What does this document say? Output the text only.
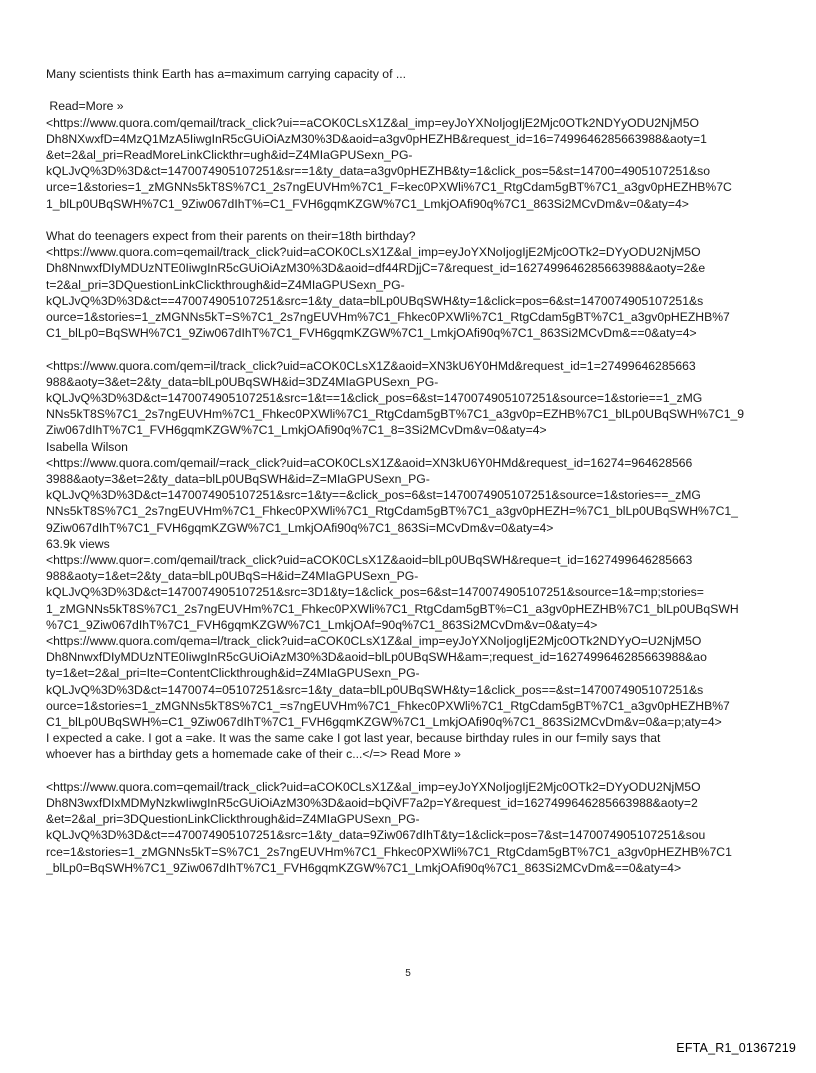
Many scientists think Earth has a=maximum carrying capacity of ...
Read=More »
<https://www.quora.com/qemail/track_click?ui==aCOK0CLsX1Z&al_imp=eyJoYXNoIjogIjE2Mjc0OTk2NDYyODU2NjM5O
Dh8NXwxfD=4MzQ1MzA5IiwgInR5cGUiOiAzM30%3D&aoid=a3gv0pHEZHB&request_id=16=7499646285663988&aoty=1
&et=2&al_pri=ReadMoreLinkClickthr=ugh&id=Z4MIaGPUSexn_PG-
kQLJvQ%3D%3D&ct=1470074905107251&sr==1&ty_data=a3gv0pHEZHB&ty=1&click_pos=5&st=14700=4905107251&so
urce=1&stories=1_zMGNNs5kT8S%7C1_2s7ngEUVHm%7C1_F=kec0PXWli%7C1_RtgCdam5gBT%7C1_a3gv0pHEZHB%7C
1_blLp0UBqSWH%7C1_9Ziw067dIhT%=C1_FVH6gqmKZGW%7C1_LmkjOAfi90q%7C1_863Si2MCvDm&v=0&aty=4>
What do teenagers expect from their parents on their=18th birthday?
<https://www.quora.com=qemail/track_click?uid=aCOK0CLsX1Z&al_imp=eyJoYXNoIjogIjE2Mjc0OTk2=DYyODU2NjM5O
Dh8NnwxfDIyMDUzNTE0IiwgInR5cGUiOiAzM30%3D&aoid=df44RDjjC=7&request_id=1627499646285663988&aoty=2&e
t=2&al_pri=3DQuestionLinkClickthrough&id=Z4MIaGPUSexn_PG-
kQLJvQ%3D%3D&ct==470074905107251&src=1&ty_data=blLp0UBqSWH&ty=1&click=pos=6&st=1470074905107251&s
ource=1&stories=1_zMGNNs5kT=S%7C1_2s7ngEUVHm%7C1_Fhkec0PXWli%7C1_RtgCdam5gBT%7C1_a3gv0pHEZHB%7
C1_blLp0=BqSWH%7C1_9Ziw067dIhT%7C1_FVH6gqmKZGW%7C1_LmkjOAfi90q%7C1_863Si2MCvDm&==0&aty=4>
<https://www.quora.com/qem=il/track_click?uid=aCOK0CLsX1Z&aoid=XN3kU6Y0HMd&request_id=1=27499646285663
988&aoty=3&et=2&ty_data=blLp0UBqSWH&id=3DZ4MIaGPUSexn_PG-
kQLJvQ%3D%3D&ct=1470074905107251&src=1&t==1&click_pos=6&st=1470074905107251&source=1&storie==1_zMG
NNs5kT8S%7C1_2s7ngEUVHm%7C1_Fhkec0PXWli%7C1_RtgCdam5gBT%7C1_a3gv0p=EZHB%7C1_blLp0UBqSWH%7C1_9
Ziw067dIhT%7C1_FVH6gqmKZGW%7C1_LmkjOAfi90q%7C1_8=3Si2MCvDm&v=0&aty=4>
Isabella Wilson
<https://www.quora.com/qemail/=rack_click?uid=aCOK0CLsX1Z&aoid=XN3kU6Y0HMd&request_id=16274=964628566
3988&aoty=3&et=2&ty_data=blLp0UBqSWH&id=Z=MIaGPUSexn_PG-
kQLJvQ%3D%3D&ct=1470074905107251&src=1&ty==&click_pos=6&st=1470074905107251&source=1&stories==_zMG
NNs5kT8S%7C1_2s7ngEUVHm%7C1_Fhkec0PXWli%7C1_RtgCdam5gBT%7C1_a3gv0pHEZH=%7C1_blLp0UBqSWH%7C1_
9Ziw067dIhT%7C1_FVH6gqmKZGW%7C1_LmkjOAfi90q%7C1_863Si=MCvDm&v=0&aty=4>
63.9k views
<https://www.quor=.com/qemail/track_click?uid=aCOK0CLsX1Z&aoid=blLp0UBqSWH&reque=t_id=1627499646285663
988&aoty=1&et=2&ty_data=blLp0UBqS=H&id=Z4MIaGPUSexn_PG-
kQLJvQ%3D%3D&ct=1470074905107251&src=3D1&ty=1&click_pos=6&st=1470074905107251&source=1&=mp;stories=
1_zMGNNs5kT8S%7C1_2s7ngEUVHm%7C1_Fhkec0PXWli%7C1_RtgCdam5gBT%=C1_a3gv0pHEZHB%7C1_blLp0UBqSWH
%7C1_9Ziw067dIhT%7C1_FVH6gqmKZGW%7C1_LmkjOAf=90q%7C1_863Si2MCvDm&v=0&aty=4>
<https://www.quora.com/qema=l/track_click?uid=aCOK0CLsX1Z&al_imp=eyJoYXNoIjogIjE2Mjc0OTk2NDYyO=U2NjM5O
Dh8NnwxfDIyMDUzNTE0IiwgInR5cGUiOiAzM30%3D&aoid=blLp0UBqSWH&am=;request_id=1627499646285663988&ao
ty=1&et=2&al_pri=Ite=ContentClickthrough&id=Z4MIaGPUSexn_PG-
kQLJvQ%3D%3D&ct=1470074=05107251&src=1&ty_data=blLp0UBqSWH&ty=1&click_pos==&st=1470074905107251&s
ource=1&stories=1_zMGNNs5kT8S%7C1_=s7ngEUVHm%7C1_Fhkec0PXWli%7C1_RtgCdam5gBT%7C1_a3gv0pHEZHB%7
C1_blLp0UBqSWH%=C1_9Ziw067dIhT%7C1_FVH6gqmKZGW%7C1_LmkjOAfi90q%7C1_863Si2MCvDm&v=0&a=p;aty=4>
I expected a cake. I got a =ake. It was the same cake I got last year, because birthday rules in our f=mily says that
whoever has a birthday gets a homemade cake of their c...</=> Read More »
<https://www.quora.com=qemail/track_click?uid=aCOK0CLsX1Z&al_imp=eyJoYXNoIjogIjE2Mjc0OTk2=DYyODU2NjM5O
Dh8N3wxfDIxMDMyNzkwIiwgInR5cGUiOiAzM30%3D&aoid=bQiVF7a2p=Y&request_id=1627499646285663988&aoty=2
&et=2&al_pri=3DQuestionLinkClickthrough&id=Z4MIaGPUSexn_PG-
kQLJvQ%3D%3D&ct==470074905107251&src=1&ty_data=9Ziw067dIhT&ty=1&click=pos=7&st=1470074905107251&sou
rce=1&stories=1_zMGNNs5kT=S%7C1_2s7ngEUVHm%7C1_Fhkec0PXWli%7C1_RtgCdam5gBT%7C1_a3gv0pHEZHB%7C1
_blLp0=BqSWH%7C1_9Ziw067dIhT%7C1_FVH6gqmKZGW%7C1_LmkjOAfi90q%7C1_863Si2MCvDm&==0&aty=4>
5
EFTA_R1_01367219
